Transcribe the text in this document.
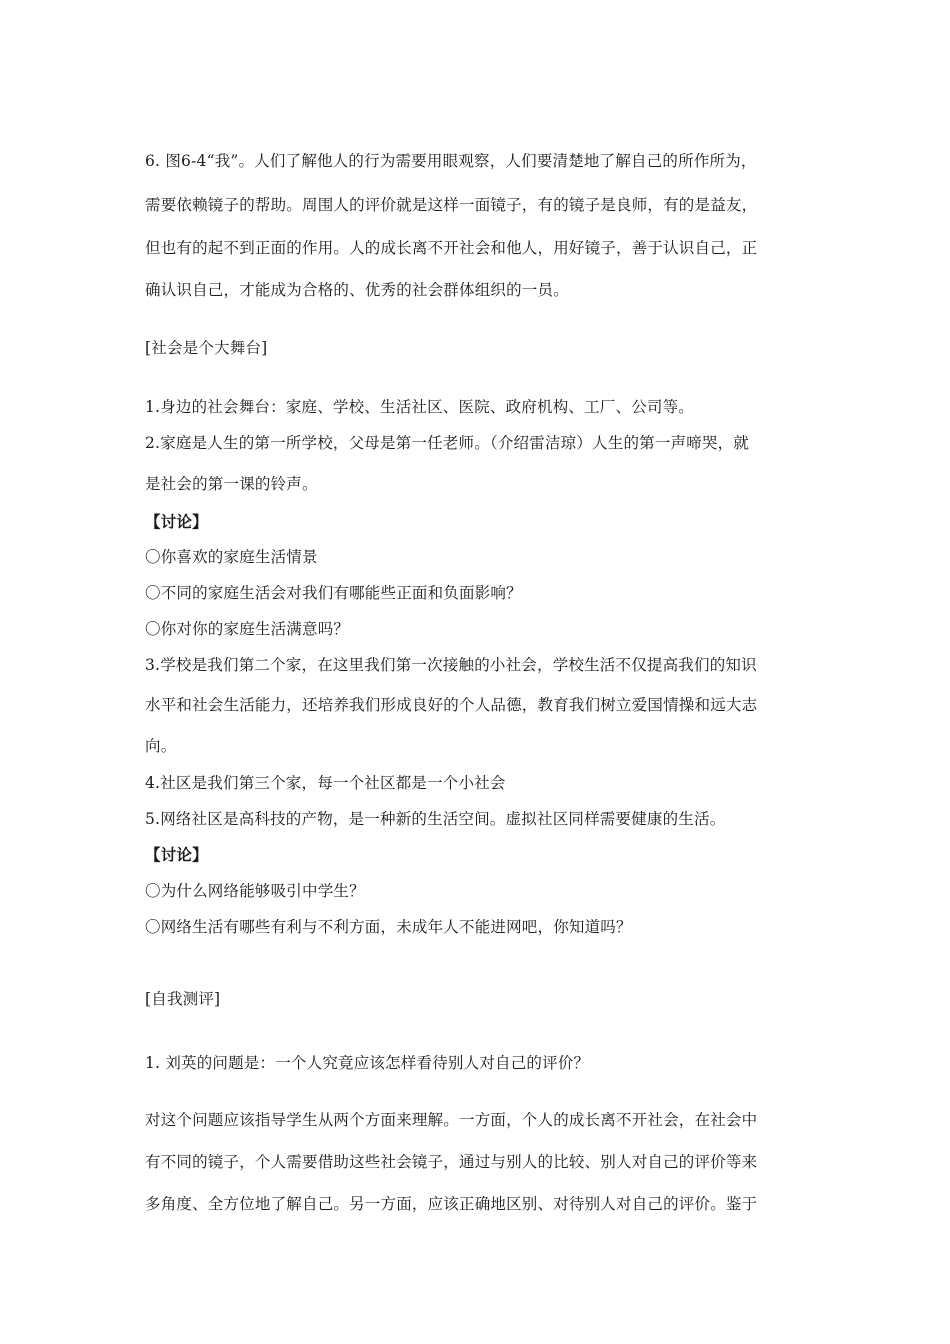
6. 图6-4“我”。人们了解他人的行为需要用眼观察，人们要清楚地了解自己的所作所为，
需要依赖镜子的帮助。周围人的评价就是这样一面镜子，有的镜子是良师，有的是益友，
但也有的起不到正面的作用。人的成长离不开社会和他人，用好镜子，善于认识自己，正
确认识自己，才能成为合格的、优秀的社会群体组织的一员。
[社会是个大舞台]
1.身边的社会舞台：家庭、学校、生活社区、医院、政府机构、工厂、公司等。
2.家庭是人生的第一所学校，父母是第一任老师。（介绍雷洁琼）人生的第一声啼哭，就
是社会的第一课的铃声。
【讨论】
〇你喜欢的家庭生活情景
〇不同的家庭生活会对我们有哪能些正面和负面影响？
〇你对你的家庭生活满意吗？
3.学校是我们第二个家，在这里我们第一次接触的小社会，学校生活不仅提高我们的知识
水平和社会生活能力，还培养我们形成良好的个人品德，教育我们树立爱国情操和远大志
向。
4.社区是我们第三个家，每一个社区都是一个小社会
5.网络社区是高科技的产物，是一种新的生活空间。虚拟社区同样需要健康的生活。
【讨论】
〇为什么网络能够吸引中学生？
〇网络生活有哪些有利与不利方面，未成年人不能进网吧，你知道吗？
[自我测评]
1. 刘英的问题是：一个人究竟应该怎样看待别人对自己的评价？
对这个问题应该指导学生从两个方面来理解。一方面，个人的成长离不开社会，在社会中
有不同的镜子，个人需要借助这些社会镜子，通过与别人的比较、别人对自己的评价等来
多角度、全方位地了解自己。另一方面，应该正确地区别、对待别人对自己的评价。鉴于
